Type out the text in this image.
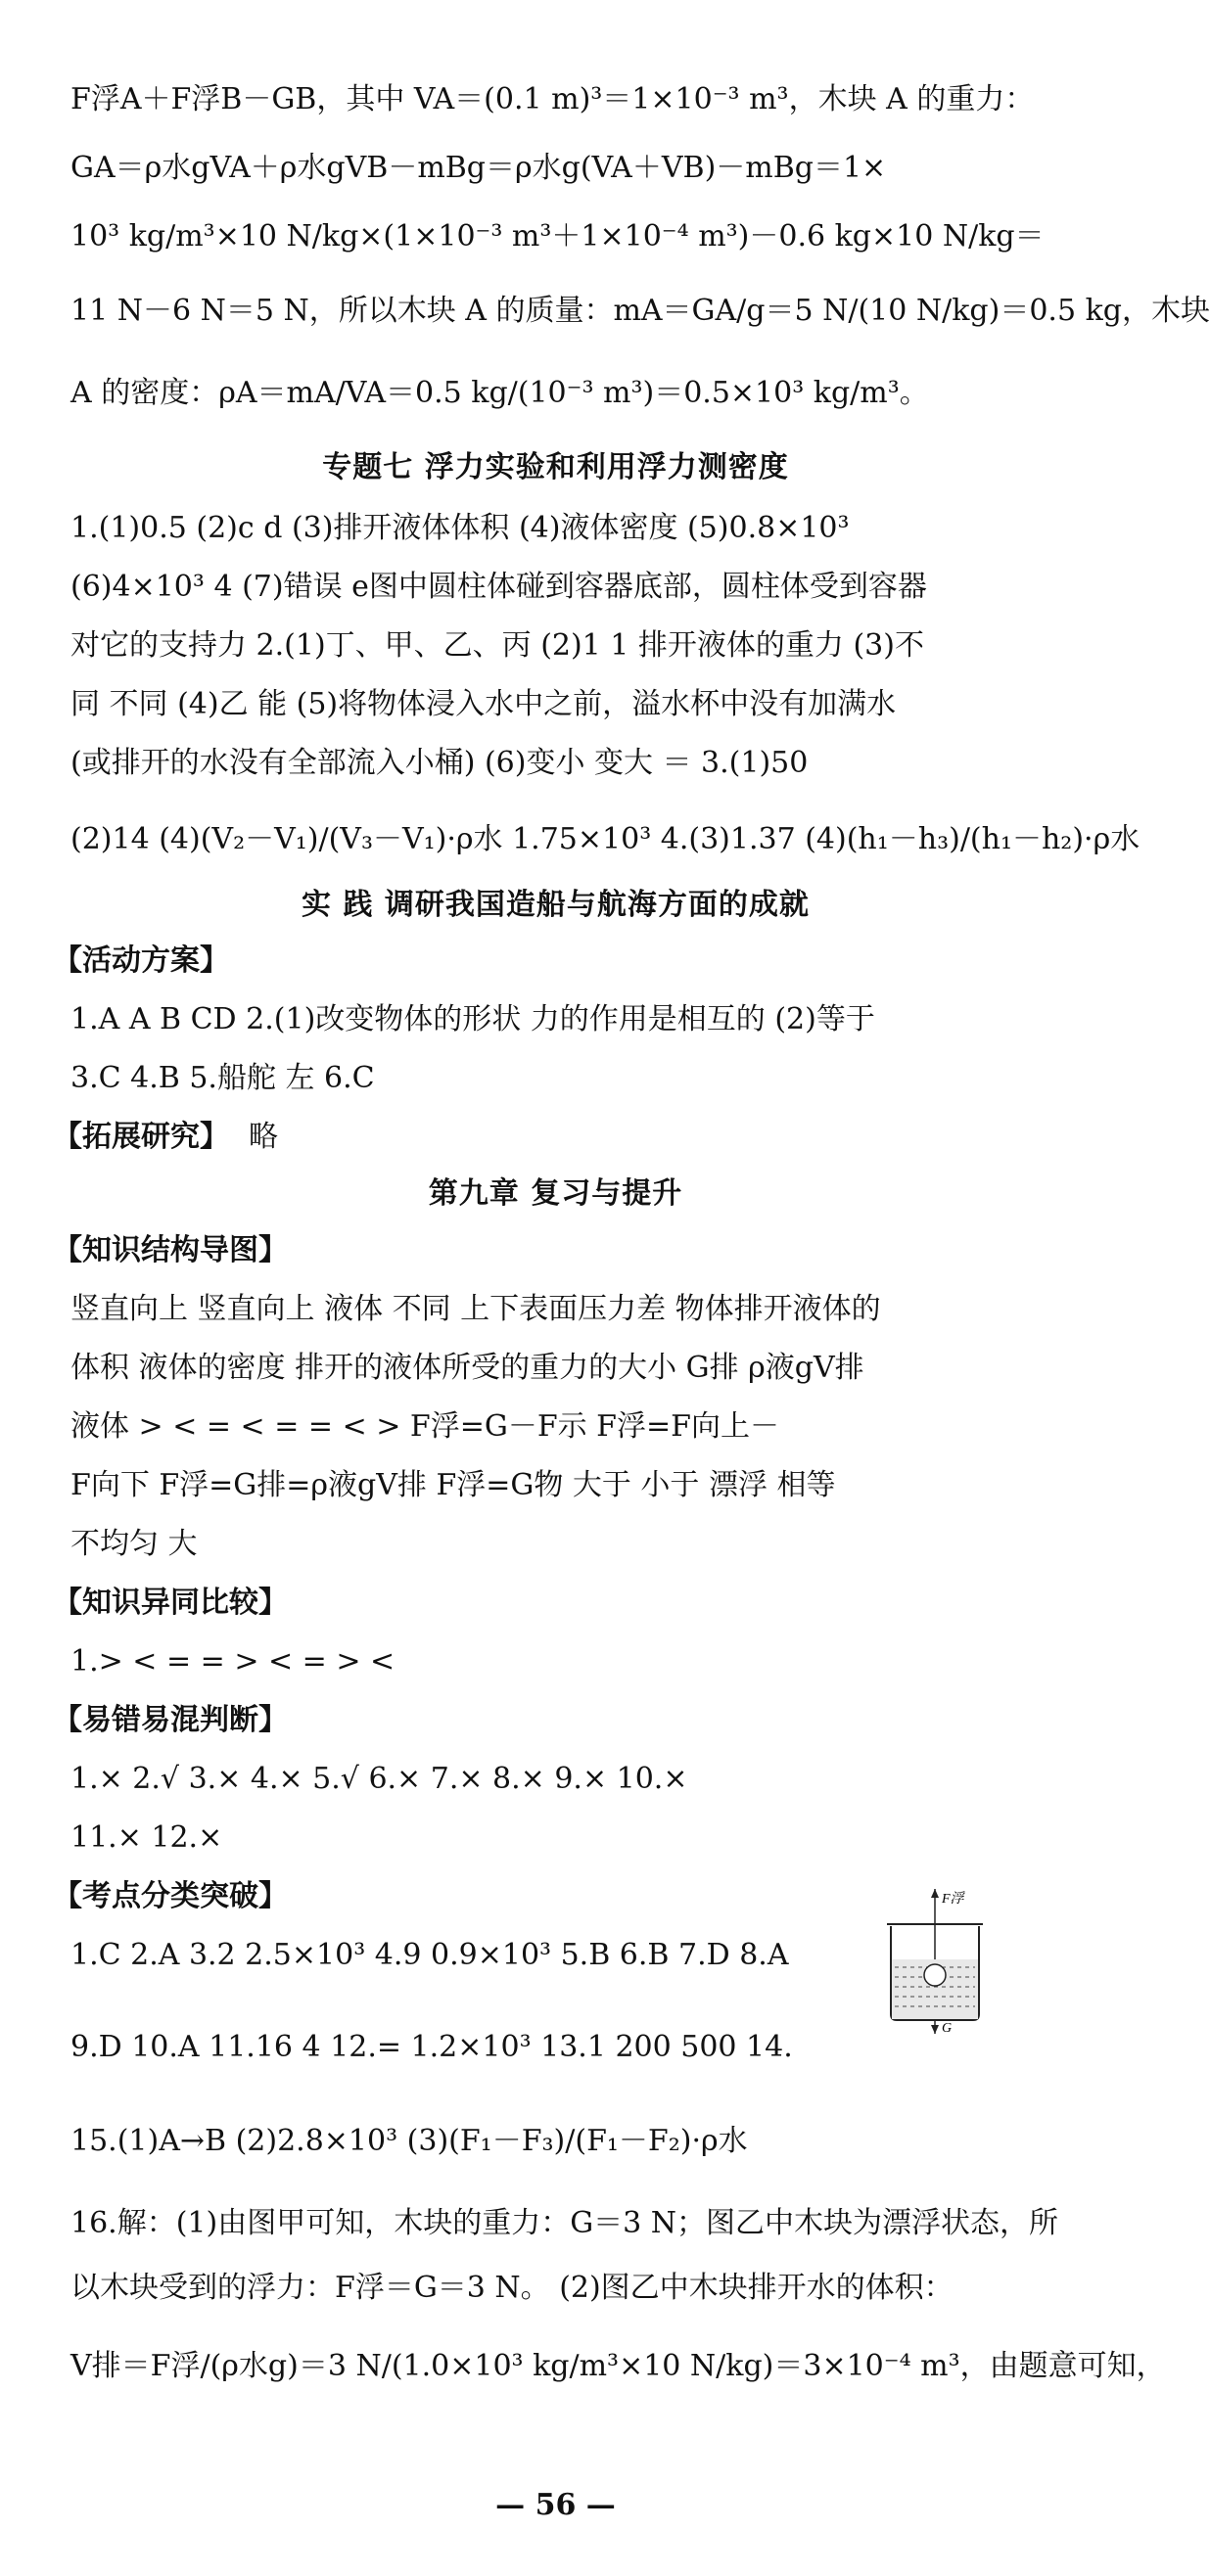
F浮A＋F浮B－GB，其中 VA＝(0.1 m)³＝1×10⁻³ m³，木块 A 的重力：
GA＝ρ水gVA＋ρ水gVB－mBg＝ρ水g(VA＋VB)－mBg＝1×
10³ kg/m³×10 N/kg×(1×10⁻³ m³＋1×10⁻⁴ m³)－0.6 kg×10 N/kg＝
11 N－6 N＝5 N，所以木块 A 的质量：mA＝GA/g＝5 N/(10 N/kg)＝0.5 kg，木块
A 的密度：ρA＝mA/VA＝0.5 kg/(10⁻³ m³)＝0.5×10³ kg/m³。
专题七 浮力实验和利用浮力测密度
1.(1)0.5 (2)c d (3)排开液体体积 (4)液体密度 (5)0.8×10³
(6)4×10³ 4 (7)错误 e图中圆柱体碰到容器底部，圆柱体受到容器
对它的支持力 2.(1)丁、甲、乙、丙 (2)1 1 排开液体的重力 (3)不
同 不同 (4)乙 能 (5)将物体浸入水中之前，溢水杯中没有加满水
(或排开的水没有全部流入小桶) (6)变小 变大 ＝ 3.(1)50
(2)14 (4)(V₂－V₁)/(V₃－V₁)·ρ水 1.75×10³ 4.(3)1.37 (4)(h₁－h₃)/(h₁－h₂)·ρ水
实 践 调研我国造船与航海方面的成就
【活动方案】
1.A A B CD 2.(1)改变物体的形状 力的作用是相互的 (2)等于
3.C 4.B 5.船舵 左 6.C
【拓展研究】 略
第九章 复习与提升
【知识结构导图】
竖直向上 竖直向上 液体 不同 上下表面压力差 物体排开液体的
体积 液体的密度 排开的液体所受的重力的大小 G排 ρ液gV排
液体 > < = < = = < > F浮=G－F示 F浮=F向上－
F向下 F浮=G排=ρ液gV排 F浮=G物 大于 小于 漂浮 相等
不均匀 大
【知识异同比较】
1.> < = = > < = > <
【易错易混判断】
1.× 2.√ 3.× 4.× 5.√ 6.× 7.× 8.× 9.× 10.×
11.× 12.×
【考点分类突破】
1.C 2.A 3.2 2.5×10³ 4.9 0.9×10³ 5.B 6.B 7.D 8.A
9.D 10.A 11.16 4 12.= 1.2×10³ 13.1 200 500 14.
F浮
G
15.(1)A→B (2)2.8×10³ (3)(F₁－F₃)/(F₁－F₂)·ρ水
16.解：(1)由图甲可知，木块的重力：G＝3 N；图乙中木块为漂浮状态，所
以木块受到的浮力：F浮＝G＝3 N。 (2)图乙中木块排开水的体积：
V排＝F浮/(ρ水g)＝3 N/(1.0×10³ kg/m³×10 N/kg)＝3×10⁻⁴ m³，由题意可知，
— 56 —
